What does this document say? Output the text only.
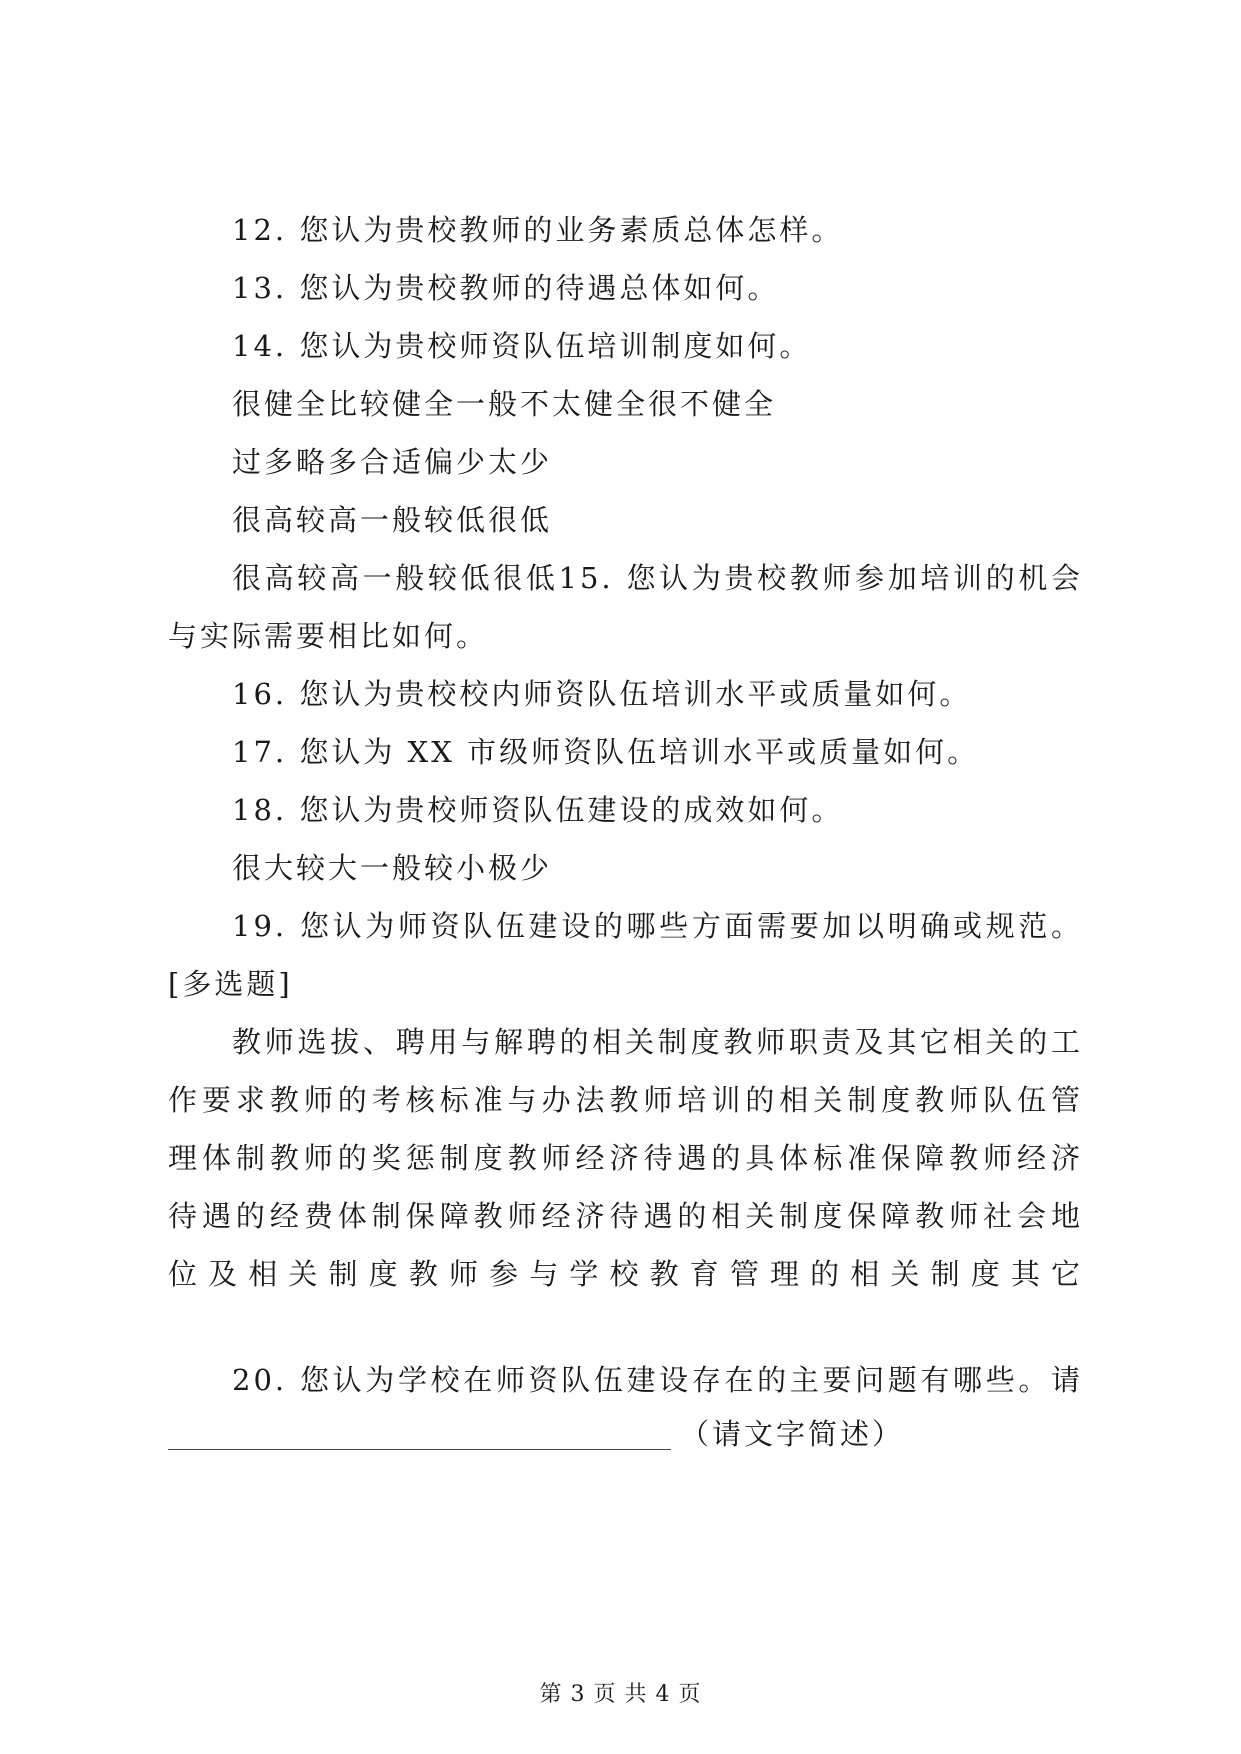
12. 您认为贵校教师的业务素质总体怎样。
13. 您认为贵校教师的待遇总体如何。
14. 您认为贵校师资队伍培训制度如何。
很健全比较健全一般不太健全很不健全
过多略多合适偏少太少
很高较高一般较低很低
很高较高一般较低很低15. 您认为贵校教师参加培训的机会
与实际需要相比如何。
16. 您认为贵校校内师资队伍培训水平或质量如何。
17. 您认为 XX 市级师资队伍培训水平或质量如何。
18. 您认为贵校师资队伍建设的成效如何。
很大较大一般较小极少
19. 您认为师资队伍建设的哪些方面需要加以明确或规范。
[多选题]
教师选拔、聘用与解聘的相关制度教师职责及其它相关的工
作要求教师的考核标准与办法教师培训的相关制度教师队伍管
理体制教师的奖惩制度教师经济待遇的具体标准保障教师经济
待遇的经费体制保障教师经济待遇的相关制度保障教师社会地
位及相关制度教师参与学校教育管理的相关制度其它
（请文字简述）
20. 您认为学校在师资队伍建设存在的主要问题有哪些。请
第 3 页 共 4 页
